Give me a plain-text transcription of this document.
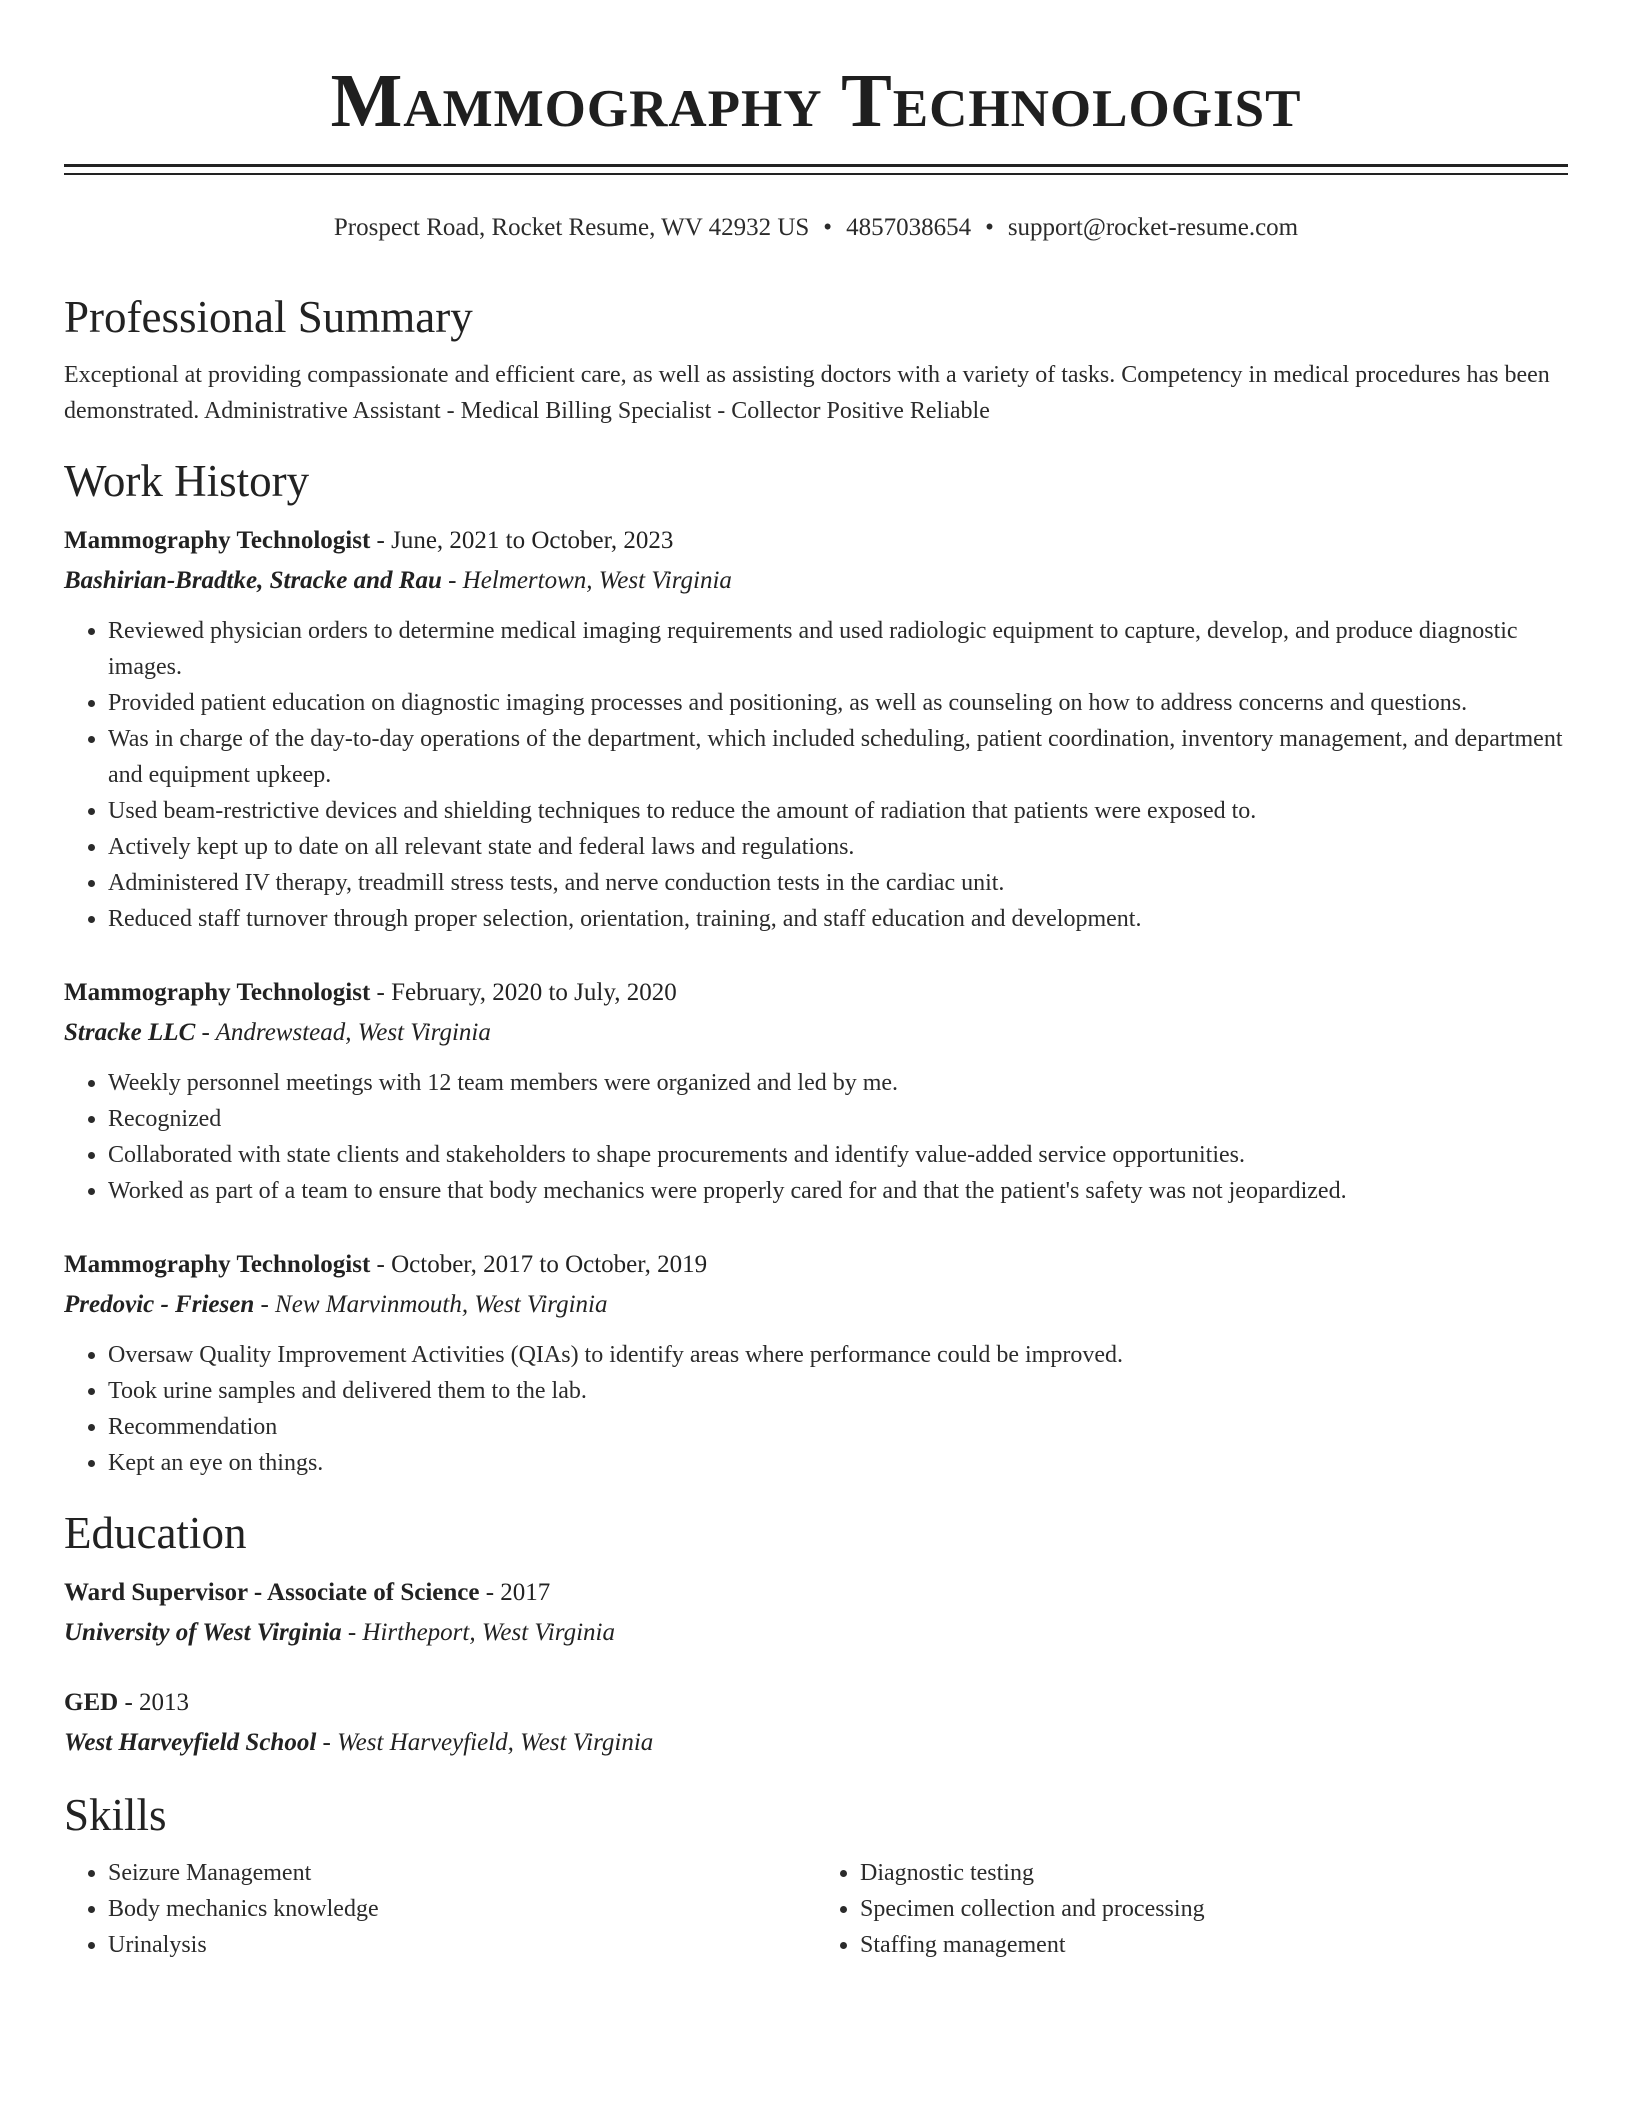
Mammography Technologist
Prospect Road, Rocket Resume, WV 42932 US • 4857038654 • support@rocket-resume.com
Professional Summary

Exceptional at providing compassionate and efficient care, as well as assisting doctors with a variety of tasks. Competency in medical procedures has been demonstrated. Administrative Assistant - Medical Billing Specialist - Collector Positive Reliable

Work History
Mammography Technologist - June, 2021 to October, 2023
Bashirian-Bradtke, Stracke and Rau - Helmertown, West Virginia
• Reviewed physician orders to determine medical imaging requirements and used radiologic equipment to capture, develop, and produce diagnostic images.
• Provided patient education on diagnostic imaging processes and positioning, as well as counseling on how to address concerns and questions.
• Was in charge of the day-to-day operations of the department, which included scheduling, patient coordination, inventory management, and department and equipment upkeep.
• Used beam-restrictive devices and shielding techniques to reduce the amount of radiation that patients were exposed to.
• Actively kept up to date on all relevant state and federal laws and regulations.
• Administered IV therapy, treadmill stress tests, and nerve conduction tests in the cardiac unit.
• Reduced staff turnover through proper selection, orientation, training, and staff education and development.
Mammography Technologist - February, 2020 to July, 2020
Stracke LLC - Andrewstead, West Virginia
• Weekly personnel meetings with 12 team members were organized and led by me.
• Recognized
• Collaborated with state clients and stakeholders to shape procurements and identify value-added service opportunities.
• Worked as part of a team to ensure that body mechanics were properly cared for and that the patient's safety was not jeopardized.
Mammography Technologist - October, 2017 to October, 2019
Predovic - Friesen - New Marvinmouth, West Virginia
• Oversaw Quality Improvement Activities (QIAs) to identify areas where performance could be improved.
• Took urine samples and delivered them to the lab.
• Recommendation
• Kept an eye on things.
Education
Ward Supervisor - Associate of Science - 2017
University of West Virginia - Hirtheport, West Virginia
GED - 2013
West Harveyfield School - West Harveyfield, West Virginia
Skills
• Seizure Management
• Body mechanics knowledge
• Urinalysis
• Diagnostic testing
• Specimen collection and processing
• Staffing management
